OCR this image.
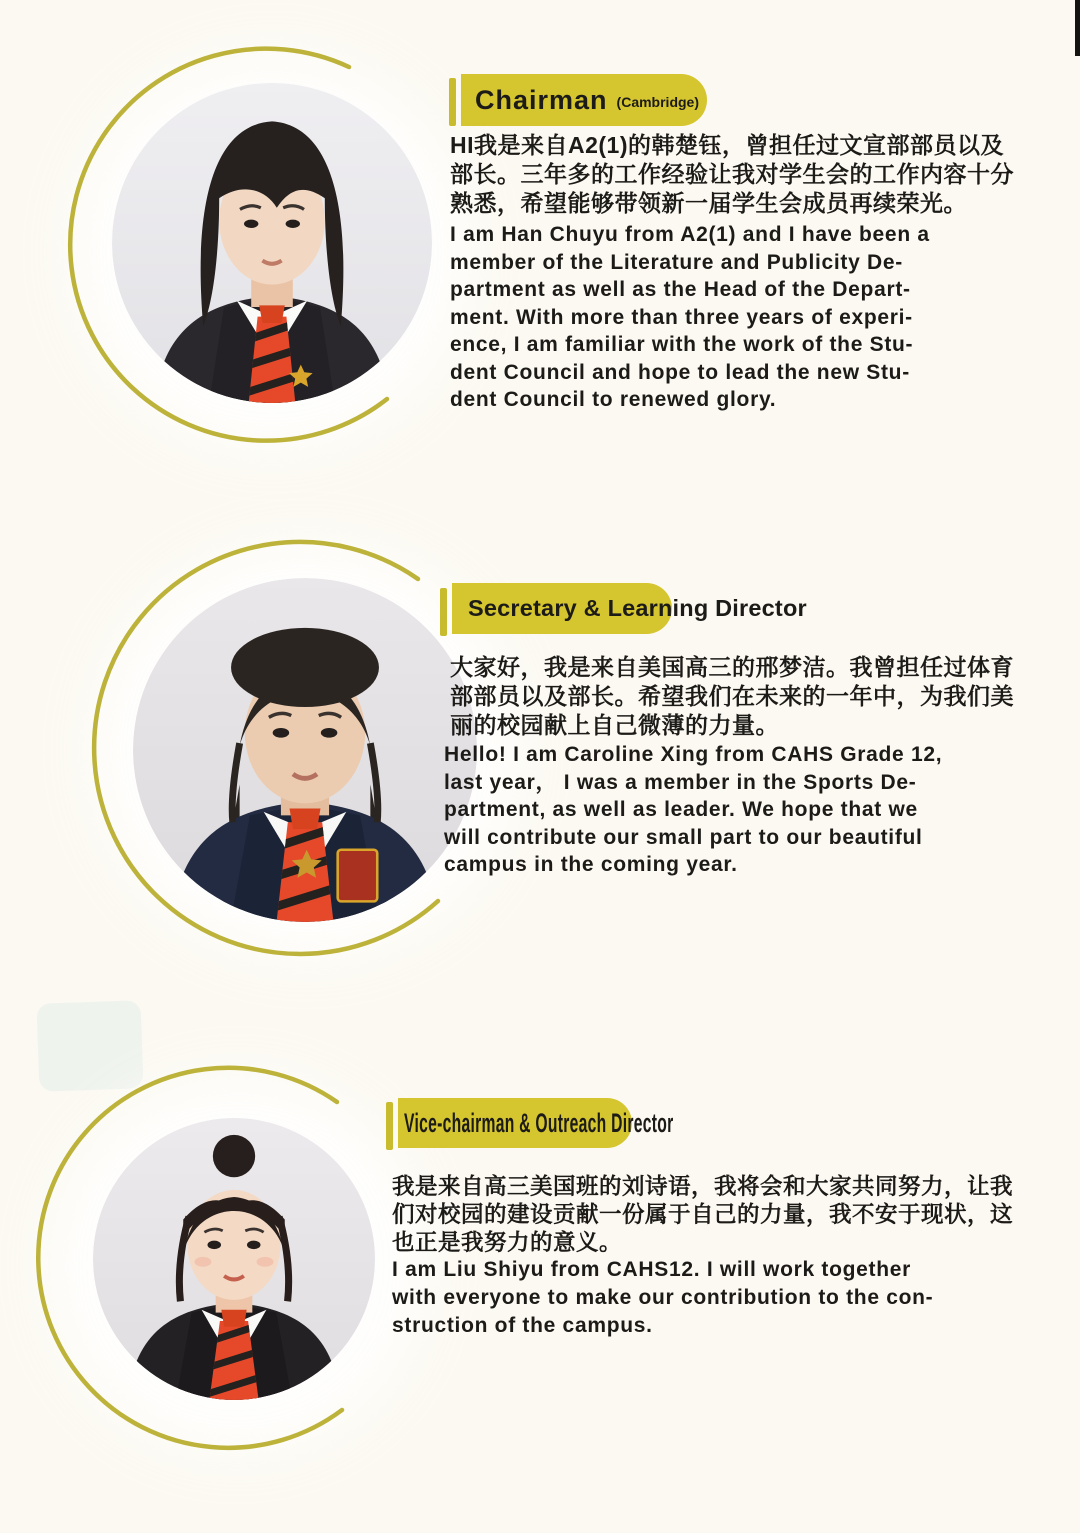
Chairman (Cambridge)
HI我是来自A2(1)的韩楚钰，曾担任过文宣部部员以及
部长。三年多的工作经验让我对学生会的工作内容十分
熟悉，希望能够带领新一届学生会成员再续荣光。
I am Han Chuyu from A2(1) and I have been a
member of the Literature and Publicity De-
partment as well as the Head of the Depart-
ment. With more than three years of experi-
ence, I am familiar with the work of the Stu-
dent Council and hope to lead the new Stu-
dent Council to renewed glory.
Secretary & Learning Director
大家好，我是来自美国高三的邢梦洁。我曾担任过体育
部部员以及部长。希望我们在未来的一年中，为我们美
丽的校园献上自己微薄的力量。
Hello! I am Caroline Xing from CAHS Grade 12,
last year， I was a member in the Sports De-
partment, as well as leader. We hope that we
will contribute our small part to our beautiful
campus in the coming year.
Vice-chairman & Outreach Director
我是来自高三美国班的刘诗语，我将会和大家共同努力，让我
们对校园的建设贡献一份属于自己的力量，我不安于现状，这
也正是我努力的意义。
I am Liu Shiyu from CAHS12. I will work together
with everyone to make our contribution to the con-
struction of the campus.
